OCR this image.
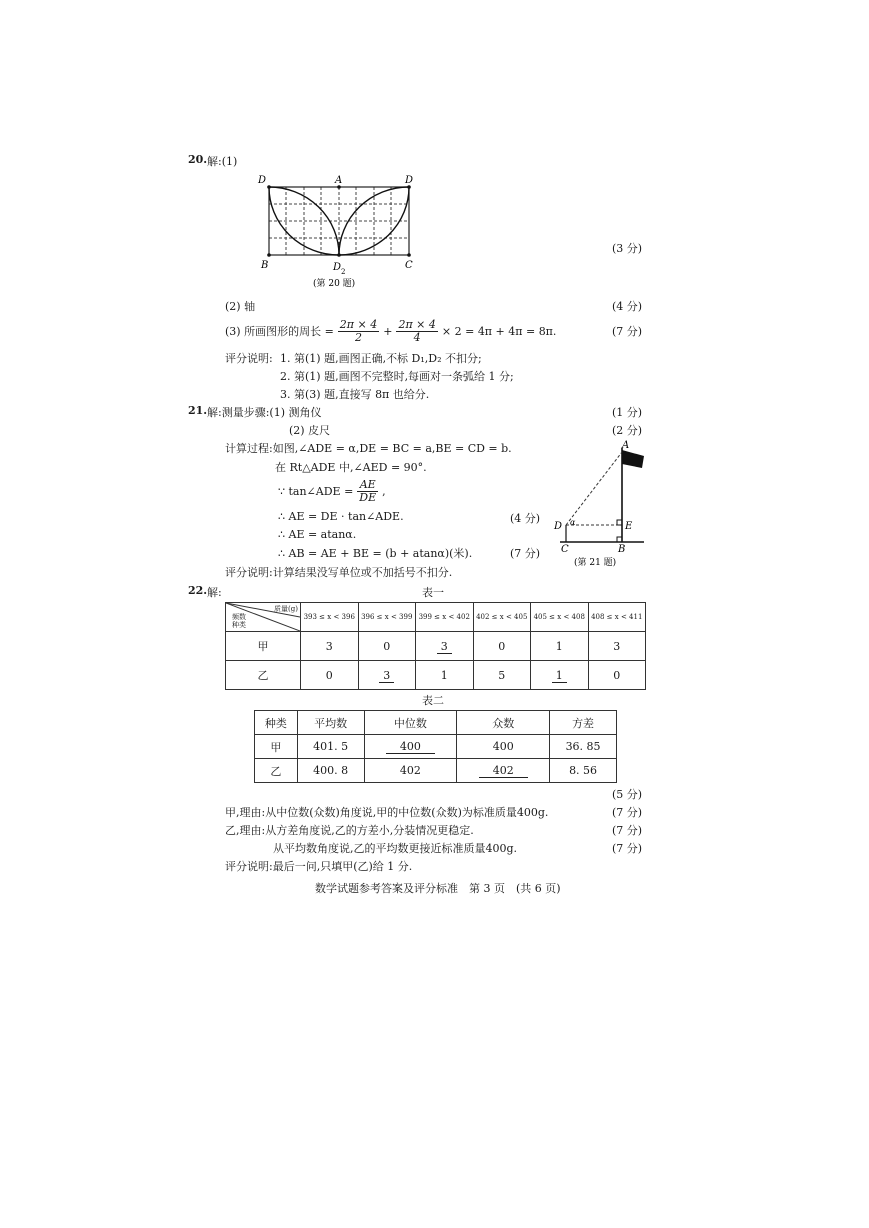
20. 解:(1)
D	A	D
B	D 2
C
(第 20 题)
(3 分)
(2) 轴	(4 分)
(3) 所画图形的周长 = $\frac{2\pi \times 4}{2} + \frac{2\pi \times 4}{4} \times 2 = 4\pi + 4\pi = 8\pi$.	(7 分)
评分说明: 1. 第(1) 题,画图正确,不标 D₁,D₂ 不扣分;
2. 第(1) 题,画图不完整时,每画对一条弧给 1 分;
3. 第(3) 题,直接写 8π 也给分.
21. 解:测量步骤:(1) 测角仪	(1 分)
(2) 皮尺	(2 分)
计算过程:如图,∠ADE = α,DE = BC = a,BE = CD = b.
在 Rt△ADE 中,∠AED = 90°.
∵ tan∠ADE = $\frac{AE}{DE}$ ,
∴ AE = DE · tan∠ADE.	(4 分)
∴ AE = atanα.
∴ AB = AE + BE = (b + atanα)(米).	(7 分)
评分说明:计算结果没写单位或不加括号不扣分.
A
D α	E
C	B
(第 21 题)
22. 解:	表一
质量(g)
频数
种类	393 ≤ x < 396	396 ≤ x < 399	399 ≤ x < 402	402 ≤ x < 405	405 ≤ x < 408	408 ≤ x < 411
甲	3	0	3	0	1	3
乙	0	3	1	5	1	0
表二
种类	平均数	中位数	众数	方差
甲	401. 5	400	400	36. 85
乙	400. 8	402	402	8. 56
(5 分)
甲,理由:从中位数(众数)角度说,甲的中位数(众数)为标准质量400g.	(7 分)
乙,理由:从方差角度说,乙的方差小,分装情况更稳定.	(7 分)
从平均数角度说,乙的平均数更接近标准质量400g.	(7 分)
评分说明:最后一问,只填甲(乙)给 1 分.
数学试题参考答案及评分标准　第 3 页　(共 6 页)
